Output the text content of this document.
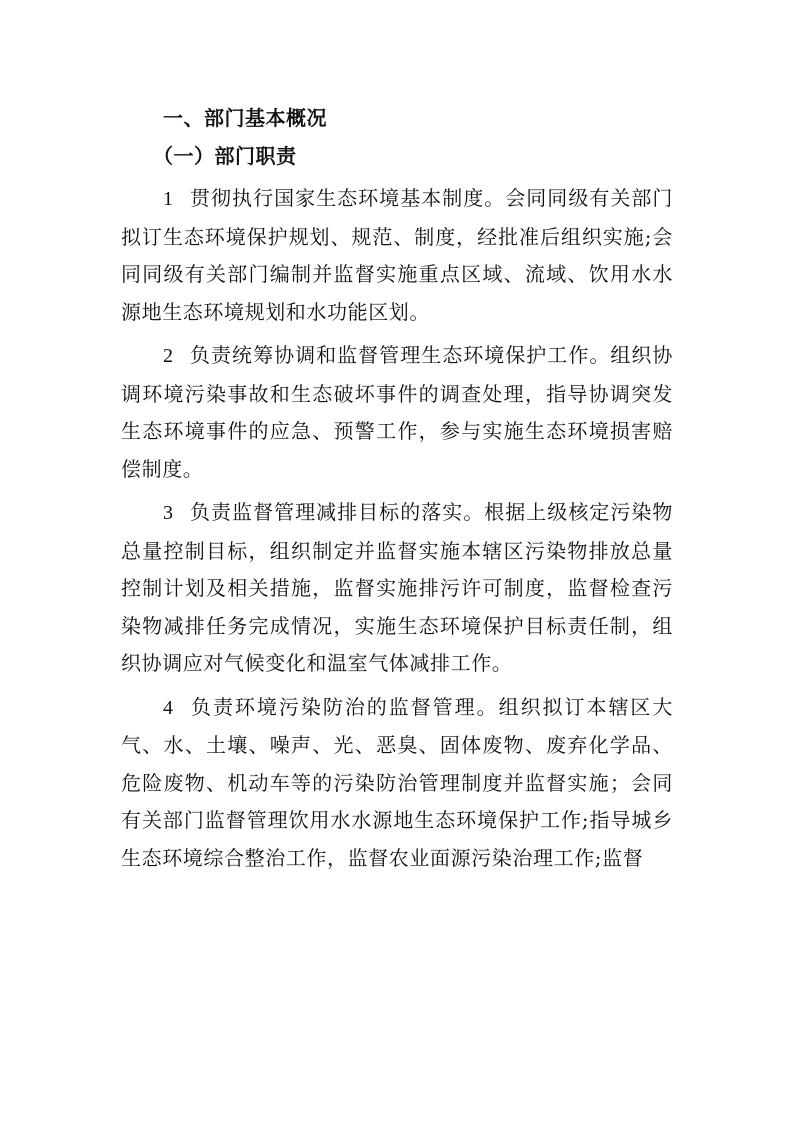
一、部门基本概况
（一）部门职责

1 贯彻执行国家生态环境基本制度。会同同级有关部门拟订生态环境保护规划、规范、制度，经批准后组织实施;会同同级有关部门编制并监督实施重点区域、流域、饮用水水源地生态环境规划和水功能区划。

2 负责统筹协调和监督管理生态环境保护工作。组织协调环境污染事故和生态破坏事件的调查处理，指导协调突发生态环境事件的应急、预警工作，参与实施生态环境损害赔偿制度。

3 负责监督管理减排目标的落实。根据上级核定污染物总量控制目标，组织制定并监督实施本辖区污染物排放总量控制计划及相关措施，监督实施排污许可制度，监督检查污染物减排任务完成情况，实施生态环境保护目标责任制，组织协调应对气候变化和温室气体减排工作。

4 负责环境污染防治的监督管理。组织拟订本辖区大气、水、土壤、噪声、光、恶臭、固体废物、废弃化学品、危险废物、机动车等的污染防治管理制度并监督实施；会同有关部门监督管理饮用水水源地生态环境保护工作;指导城乡生态环境综合整治工作，监督农业面源污染治理工作;监督
